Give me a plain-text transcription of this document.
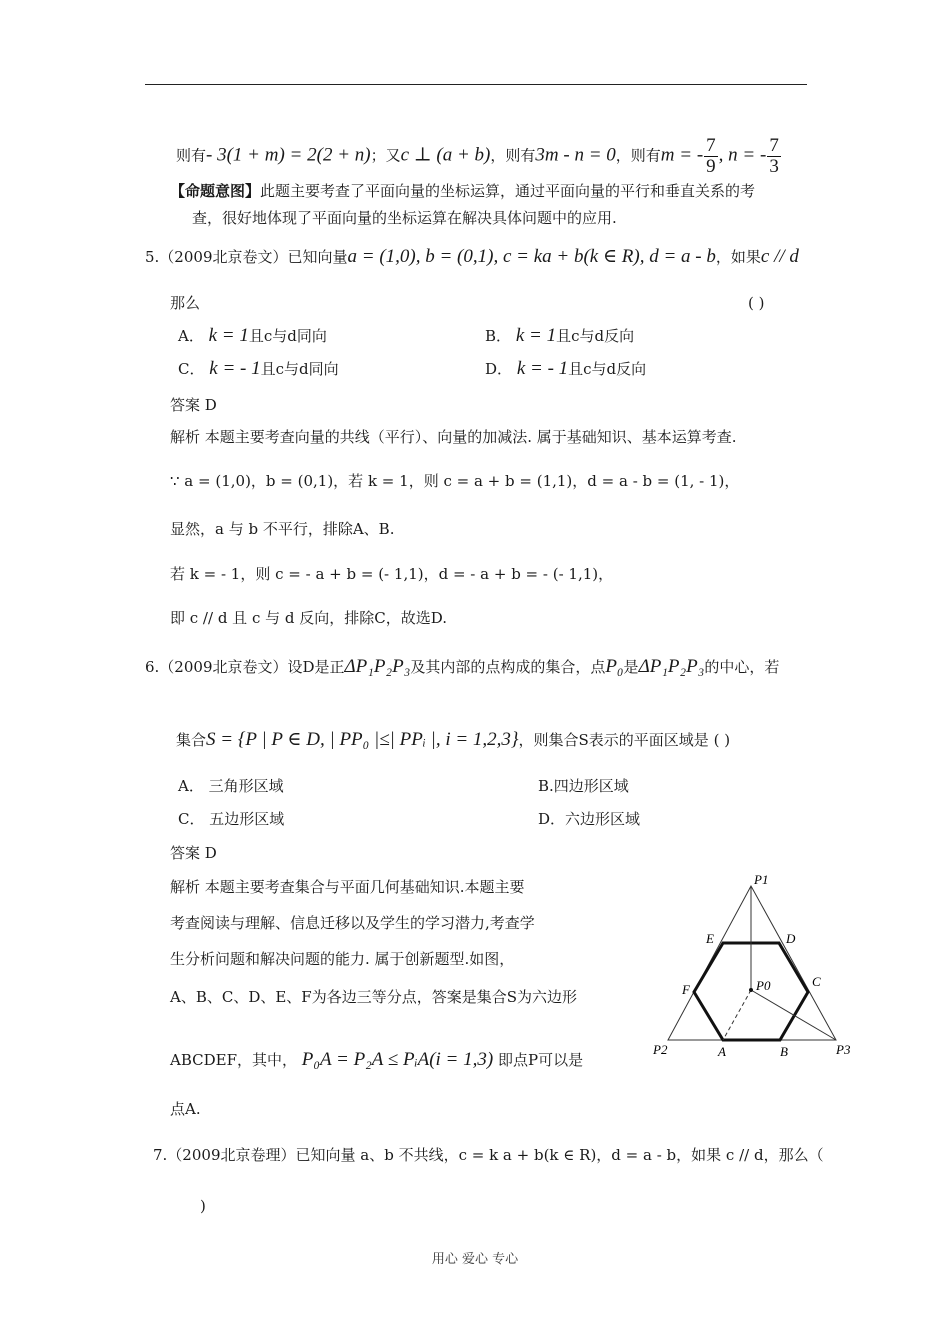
则有- 3(1 + m) = 2(2 + n)；又c ⊥ (a + b)，则有3m - n = 0，则有m = - $\frac{7}{9}$ , n = - $\frac{7}{3}$
【命题意图】此题主要考查了平面向量的坐标运算，通过平面向量的平行和垂直关系的考
查，很好地体现了平面向量的坐标运算在解决具体问题中的应用.
5.（2009北京卷文）已知向量a = (1,0), b = (0,1), c = ka + b(k ∈ R), d = a - b，如果c // d
那么	( )
A． k = 1且c与d同向	B． k = 1且c与d反向
C． k = - 1且c与d同向	D． k = - 1且c与d反向
答案 D
解析 本题主要考查向量的共线（平行）、向量的加减法. 属于基础知识、基本运算考查.
∵ a = (1,0)，b = (0,1)，若 k = 1，则 c = a + b = (1,1)，d = a - b = (1, - 1)，
显然，a 与 b 不平行，排除A、B.
若 k = - 1，则 c = - a + b = (- 1,1)，d = - a + b = - (- 1,1)，
即 c // d 且 c 与 d 反向，排除C，故选D.
6.（2009北京卷文）设D是正ΔP₁P₂P₃及其内部的点构成的集合，点P₀是ΔP₁P₂P₃的中心，若
集合S = {P | P ∈ D, | PP₀ |≤| PPᵢ |, i = 1,2,3}，则集合S表示的平面区域是 ( )
A． 三角形区域	B.四边形区域
C． 五边形区域	D．六边形区域
答案 D
解析 本题主要考查集合与平面几何基础知识.本题主要
考查阅读与理解、信息迁移以及学生的学习潜力,考查学
生分析问题和解决问题的能力. 属于创新题型.如图，
A、B、C、D、E、F为各边三等分点，答案是集合S为六边形
ABCDEF，其中， P₀A = P₂A ≤ PᵢA(i = 1,3) 即点P可以是
点A.
P1
P2	P3
P0
A	B
C
D
E
F
7.（2009北京卷理）已知向量 a、b 不共线，c = k a + b(k ∈ R)，d = a - b，如果 c // d，那么（
)
用心 爱心 专心
